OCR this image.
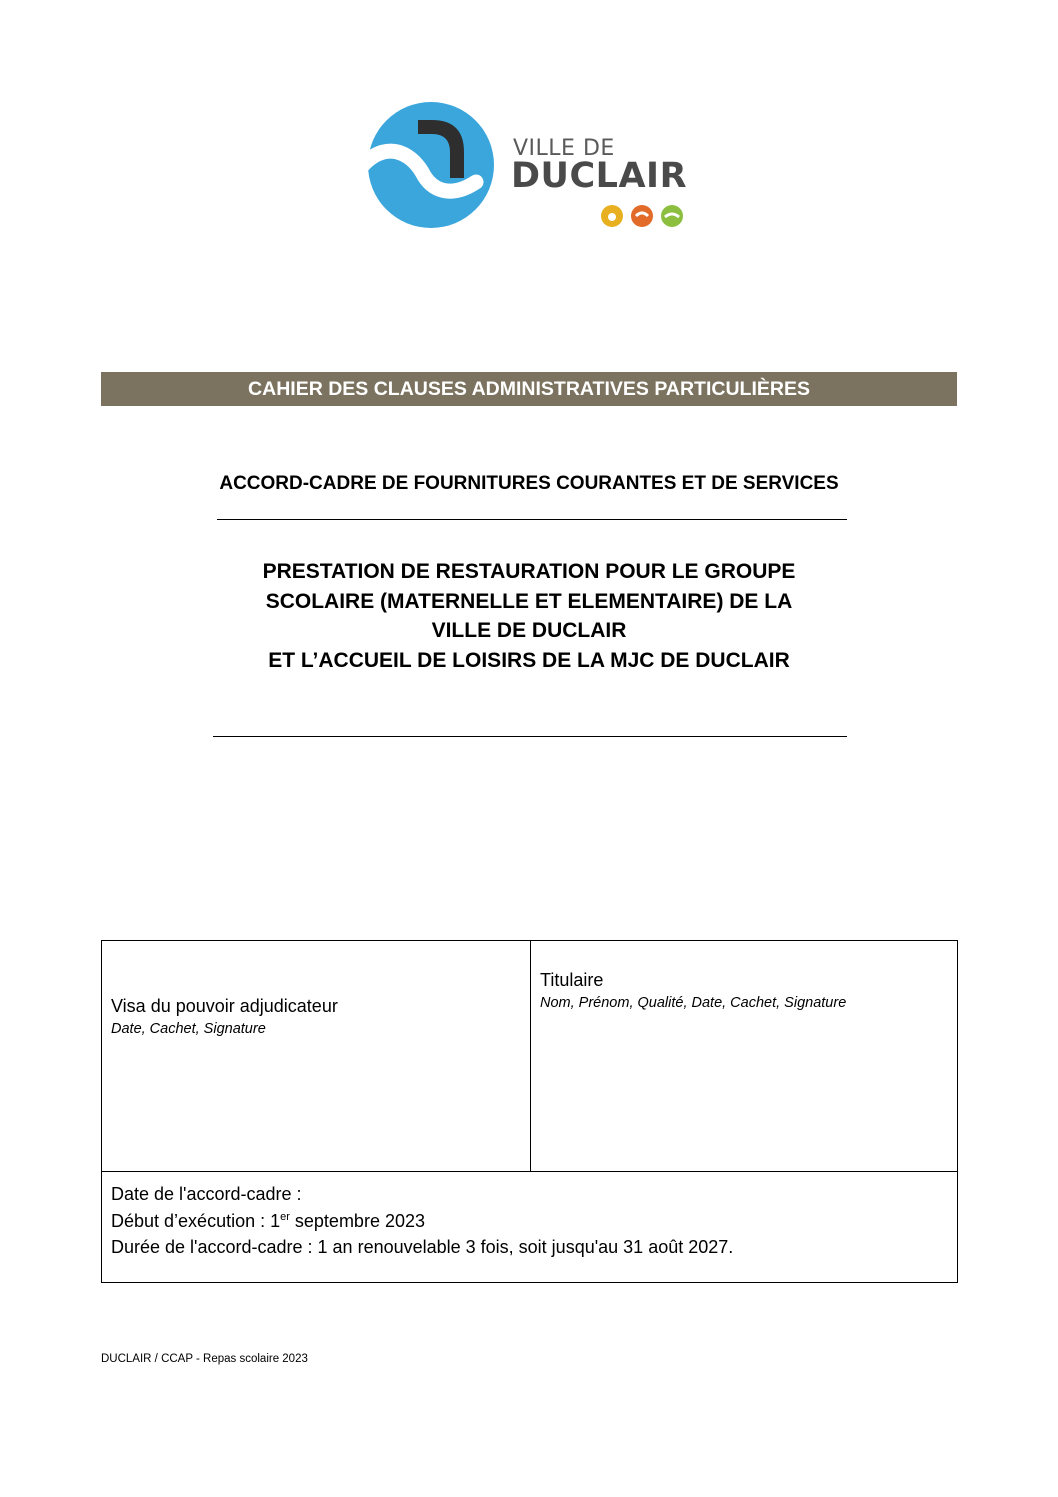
VILLE DE
DUCLAIR
CAHIER DES CLAUSES ADMINISTRATIVES PARTICULIÈRES
ACCORD-CADRE DE FOURNITURES COURANTES ET DE SERVICES
PRESTATION DE RESTAURATION POUR LE GROUPE
SCOLAIRE (MATERNELLE ET ELEMENTAIRE) DE LA
VILLE DE DUCLAIR
ET L’ACCUEIL DE LOISIRS DE LA MJC DE DUCLAIR
Visa du pouvoir adjudicateur
Date, Cachet, Signature
Titulaire
Nom, Prénom, Qualité, Date, Cachet, Signature
Date de l'accord-cadre :
Début d’exécution : 1er septembre 2023
Durée de l'accord-cadre : 1 an renouvelable 3 fois, soit jusqu'au 31 août 2027.
DUCLAIR / CCAP - Repas scolaire 2023
